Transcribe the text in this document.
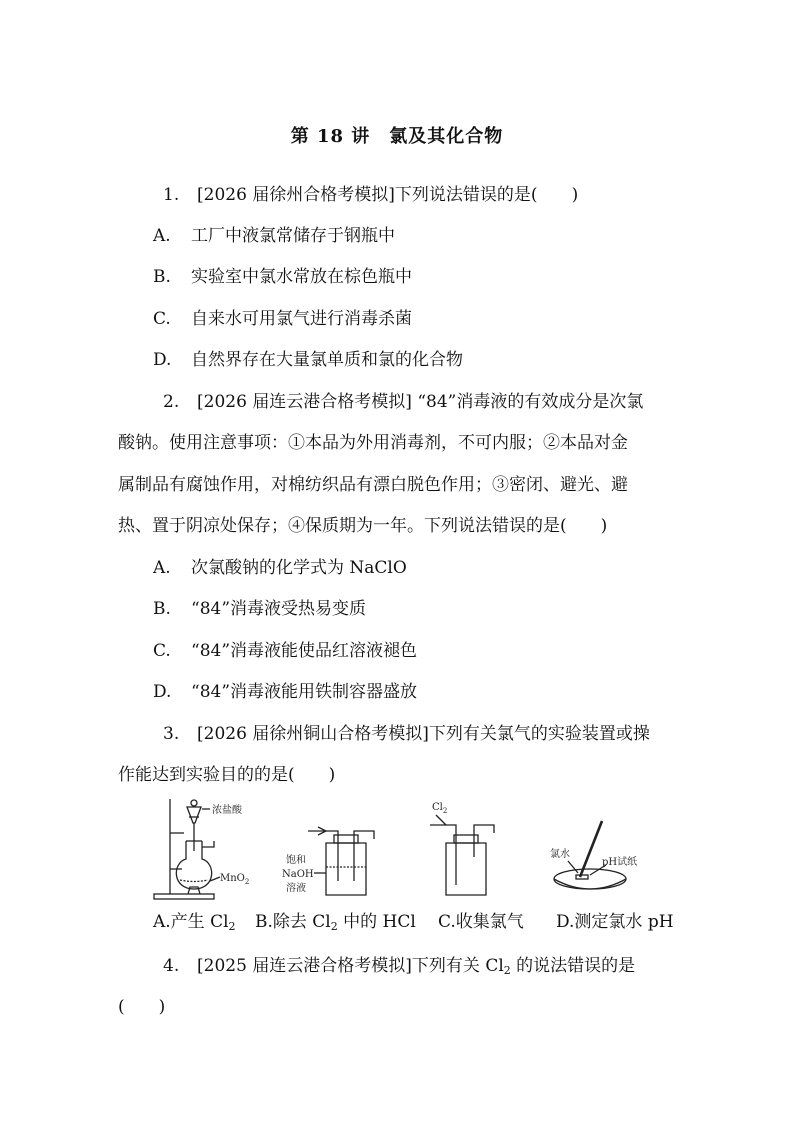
第 18 讲　氯及其化合物
1. [2026 届徐州合格考模拟]下列说法错误的是(　　)
A. 工厂中液氯常储存于钢瓶中
B. 实验室中氯水常放在棕色瓶中
C. 自来水可用氯气进行消毒杀菌
D. 自然界存在大量氯单质和氯的化合物
2. [2026 届连云港合格考模拟] “84”消毒液的有效成分是次氯
酸钠。使用注意事项：①本品为外用消毒剂，不可内服；②本品对金
属制品有腐蚀作用，对棉纺织品有漂白脱色作用；③密闭、避光、避
热、置于阴凉处保存；④保质期为一年。下列说法错误的是(　　)
A. 次氯酸钠的化学式为 NaClO
B. “84”消毒液受热易变质
C. “84”消毒液能使品红溶液褪色
D. “84”消毒液能用铁制容器盛放
3. [2026 届徐州铜山合格考模拟]下列有关氯气的实验装置或操
作能达到实验目的的是(　　)
浓盐酸
MnO$_2$
饱和
NaOH
溶液
$Cl_2$
氯水
pH试纸
A.产生 $Cl_2$ B.除去 $Cl_2$ 中的 HCl C.收集氯气 D.测定氯水 pH
4. [2025 届连云港合格考模拟]下列有关 $Cl_2$ 的说法错误的是
(　　)
